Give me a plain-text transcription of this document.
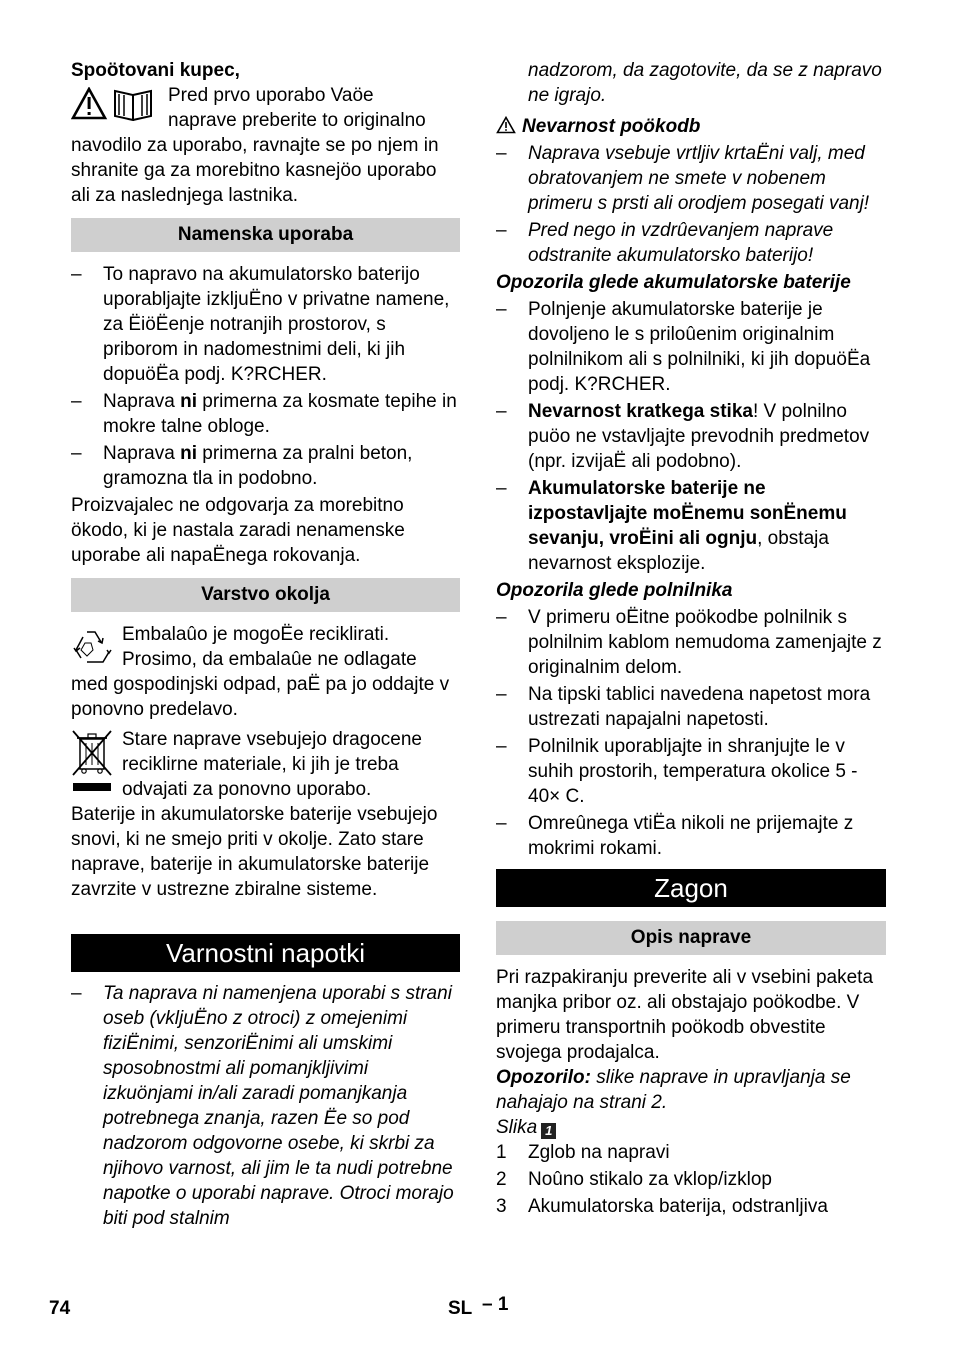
Spoötovani kupec,

Pred prvo uporabo Vaöe

naprave preberite to originalno

navodilo za uporabo, ravnajte se po njem in shranite ga za morebitno kasnejöo uporabo ali za naslednjega lastnika.

Namenska uporaba
– To napravo na akumulatorsko baterijo uporabljajte izkljuËno v privatne namene, za ËiöËenje notranjih prostorov, s priborom in nadomestnimi deli, ki jih dopuöËa podj. K?RCHER.
– Naprava ni primerna za kosmate tepihe in mokre talne obloge.
– Naprava ni primerna za pralni beton, gramozna tla in podobno.

Proizvajalec ne odgovarja za morebitno ökodo, ki je nastala zaradi nenamenske uporabe ali napaËnega rokovanja.

Varstvo okolja

Embalaûo je mogoËe reciklirati.

Prosimo, da embalaûe ne odlagate

med gospodinjski odpad, paË pa jo oddajte v ponovno predelavo.

Stare naprave vsebujejo dragocene

reciklirne materiale, ki jih je treba

odvajati za ponovno uporabo.

Baterije in akumulatorske baterije vsebujejo snovi, ki ne smejo priti v okolje. Zato stare naprave, baterije in akumulatorske baterije zavrzite v ustrezne zbiralne sisteme.

Varnostni napotki
– Ta naprava ni namenjena uporabi s strani oseb (vkljuËno z otroci) z omejenimi fiziËnimi, senzoriËnimi ali umskimi sposobnostmi ali pomanjkljivimi izkuönjami in/ali zaradi pomanjkanja potrebnega znanja, razen Ëe so pod nadzorom odgovorne osebe, ki skrbi za njihovo varnost, ali jim le ta nudi potrebne napotke o uporabi naprave. Otroci morajo biti pod stalnim

nadzorom, da zagotovite, da se z napravo ne igrajo.

Nevarnost poökodb

– Naprava vsebuje vrtljiv krtaËni valj, med obratovanjem ne smete v nobenem primeru s prsti ali orodjem posegati vanj!
– Pred nego in vzdrûevanjem naprave odstranite akumulatorsko baterijo!

Opozorila glede akumulatorske baterije

– Polnjenje akumulatorske baterije je dovoljeno le s priloûenim originalnim polnilnikom ali s polnilniki, ki jih dopuöËa podj. K?RCHER.
– Nevarnost kratkega stika! V polnilno puöo ne vstavljajte prevodnih predmetov (npr. izvijaË ali podobno).
– Akumulatorske baterije ne izpostavljajte moËnemu sonËnemu sevanju, vroËini ali ognju, obstaja nevarnost eksplozije.

Opozorila glede polnilnika

– V primeru oËitne poökodbe polnilnik s polnilnim kablom nemudoma zamenjajte z originalnim delom.
– Na tipski tablici navedena napetost mora ustrezati napajalni napetosti.
– Polnilnik uporabljajte in shranjujte le v suhih prostorih, temperatura okolice 5 - 40× C.
– Omreûnega vtiËa nikoli ne prijemajte z mokrimi rokami.
Zagon
Opis naprave

Pri razpakiranju preverite ali v vsebini paketa manjka pribor oz. ali obstajajo poökodbe. V primeru transportnih poökodb obvestite svojega prodajalca.

Opozorilo: slike naprave in upravljanja se nahajajo na strani 2.

Slika 1

1 Zglob na napravi
2 Noûno stikalo za vklop/izklop
3 Akumulatorska baterija, odstranljiva
74	SL – 1
